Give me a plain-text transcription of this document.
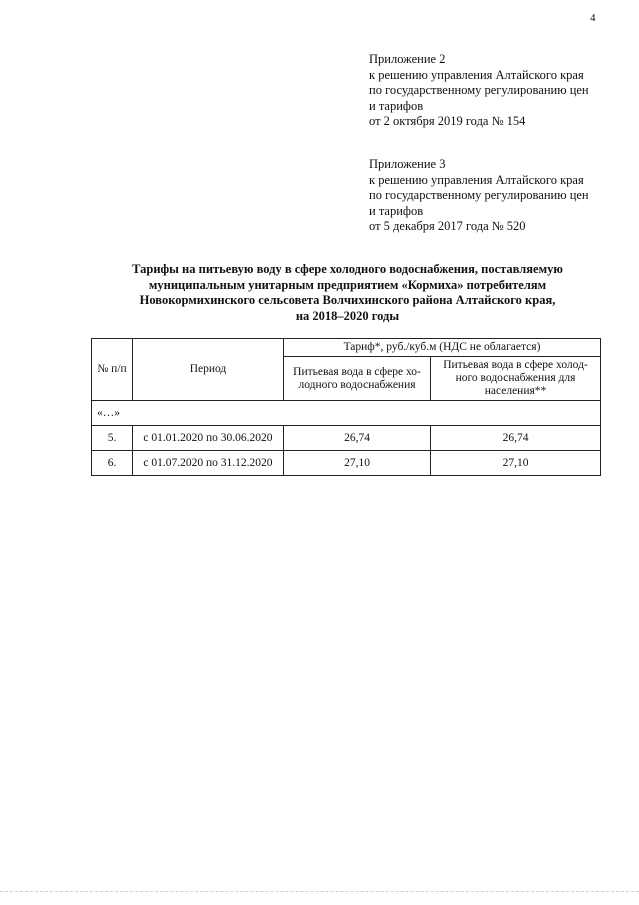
4
Приложение 2
к решению управления Алтайского края
по государственному регулированию цен
и тарифов
от 2 октября 2019 года № 154
Приложение 3
к решению управления Алтайского края
по государственному регулированию цен
и тарифов
от 5 декабря 2017 года № 520
Тарифы на питьевую воду в сфере холодного водоснабжения, поставляемую
муниципальным унитарным предприятием «Кормиха» потребителям
Новокормихинского сельсовета Волчихинского района Алтайского края,
на 2018–2020 годы
№ п/п	Период	Тариф*, руб./куб.м (НДС не облагается)	
		Питьевая вода в сфере хо-лодного водоснабжения	Питьевая вода в сфере холод-ного водоснабжения для населения**
«…»			
5.	с 01.01.2020 по 30.06.2020	26,74	26,74
6.	с 01.07.2020 по 31.12.2020	27,10	27,10
